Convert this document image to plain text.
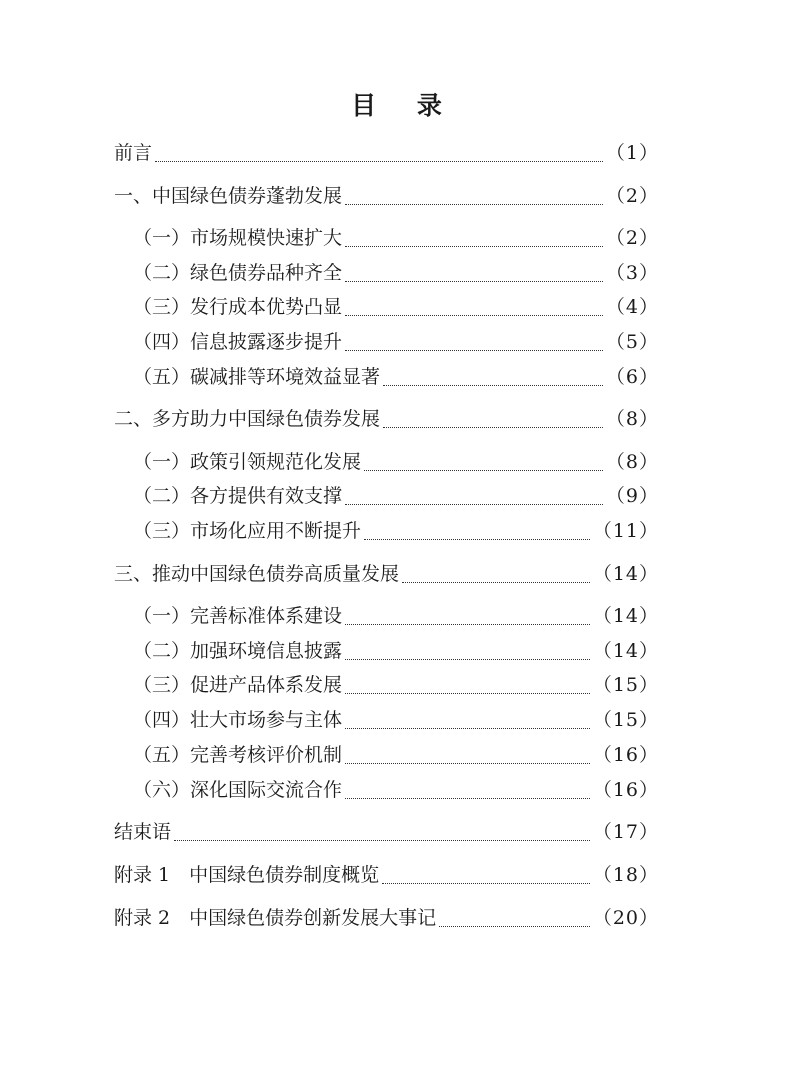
目 录
前言	（1）
一、中国绿色债券蓬勃发展	（2）
（一）市场规模快速扩大	（2）
（二）绿色债券品种齐全	（3）
（三）发行成本优势凸显	（4）
（四）信息披露逐步提升	（5）
（五）碳减排等环境效益显著	（6）
二、多方助力中国绿色债券发展	（8）
（一）政策引领规范化发展	（8）
（二）各方提供有效支撑	（9）
（三）市场化应用不断提升	（11）
三、推动中国绿色债券高质量发展	（14）
（一）完善标准体系建设	（14）
（二）加强环境信息披露	（14）
（三）促进产品体系发展	（15）
（四）壮大市场参与主体	（15）
（五）完善考核评价机制	（16）
（六）深化国际交流合作	（16）
结束语	（17）
附录 1　中国绿色债券制度概览	（18）
附录 2　中国绿色债券创新发展大事记	（20）
